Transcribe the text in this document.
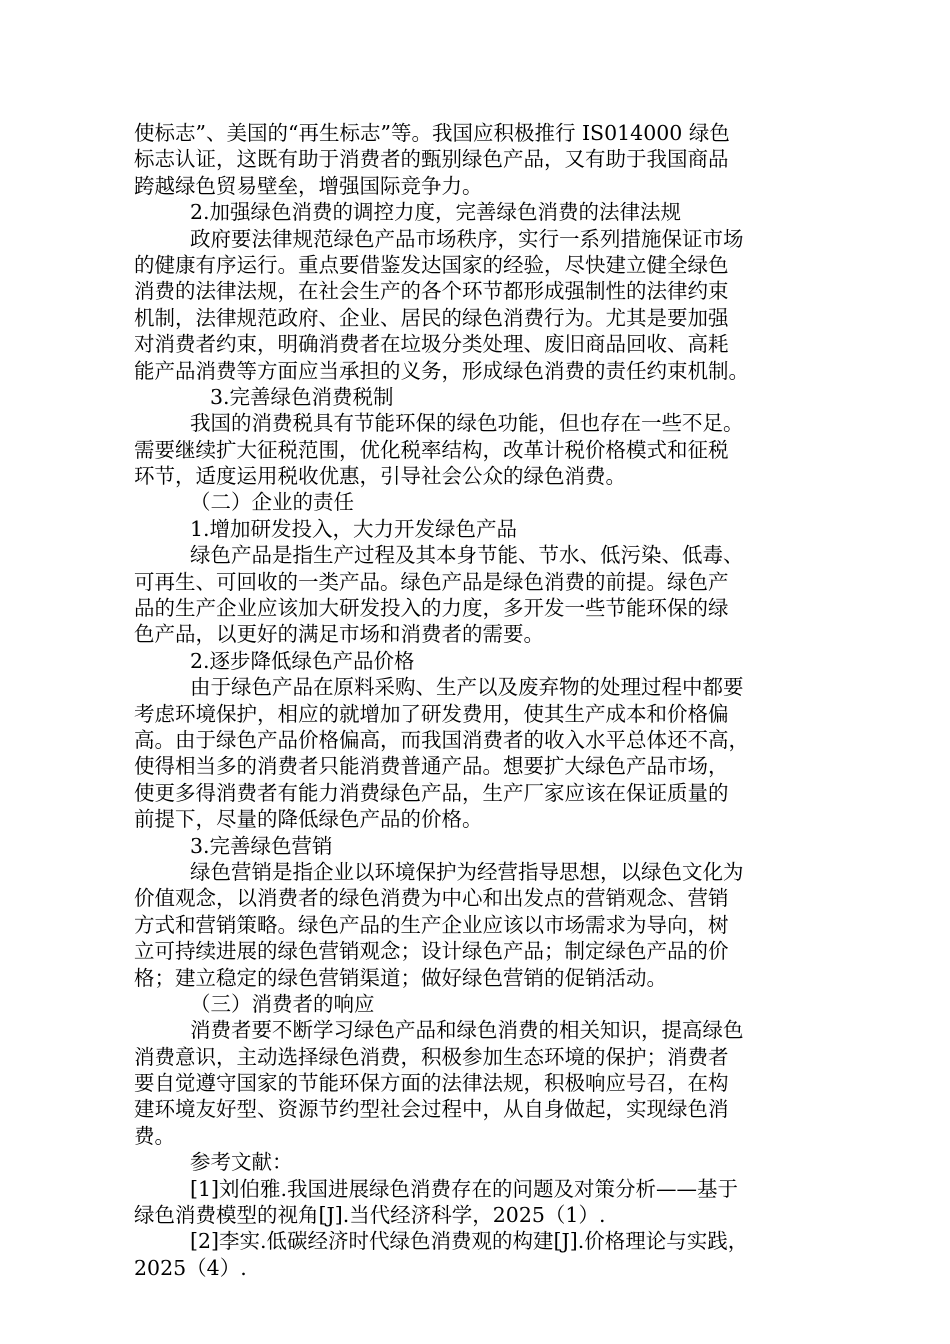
使标志”、美国的“再生标志”等。我国应积极推行 IS014000 绿色
标志认证，这既有助于消费者的甄别绿色产品，又有助于我国商品
跨越绿色贸易壁垒，增强国际竞争力。
2.加强绿色消费的调控力度，完善绿色消费的法律法规
政府要法律规范绿色产品市场秩序，实行一系列措施保证市场
的健康有序运行。重点要借鉴发达国家的经验，尽快建立健全绿色
消费的法律法规，在社会生产的各个环节都形成强制性的法律约束
机制，法律规范政府、企业、居民的绿色消费行为。尤其是要加强
对消费者约束，明确消费者在垃圾分类处理、废旧商品回收、高耗
能产品消费等方面应当承担的义务，形成绿色消费的责任约束机制。
3.完善绿色消费税制
我国的消费税具有节能环保的绿色功能，但也存在一些不足。
需要继续扩大征税范围，优化税率结构，改革计税价格模式和征税
环节，适度运用税收优惠，引导社会公众的绿色消费。
（二）企业的责任
1.增加研发投入，大力开发绿色产品
绿色产品是指生产过程及其本身节能、节水、低污染、低毒、
可再生、可回收的一类产品。绿色产品是绿色消费的前提。绿色产
品的生产企业应该加大研发投入的力度，多开发一些节能环保的绿
色产品，以更好的满足市场和消费者的需要。
2.逐步降低绿色产品价格
由于绿色产品在原料采购、生产以及废弃物的处理过程中都要
考虑环境保护，相应的就增加了研发费用，使其生产成本和价格偏
高。由于绿色产品价格偏高，而我国消费者的收入水平总体还不高，
使得相当多的消费者只能消费普通产品。想要扩大绿色产品市场，
使更多得消费者有能力消费绿色产品，生产厂家应该在保证质量的
前提下，尽量的降低绿色产品的价格。
3.完善绿色营销
绿色营销是指企业以环境保护为经营指导思想，以绿色文化为
价值观念，以消费者的绿色消费为中心和出发点的营销观念、营销
方式和营销策略。绿色产品的生产企业应该以市场需求为导向，树
立可持续进展的绿色营销观念；设计绿色产品；制定绿色产品的价
格；建立稳定的绿色营销渠道；做好绿色营销的促销活动。
（三）消费者的响应
消费者要不断学习绿色产品和绿色消费的相关知识，提高绿色
消费意识，主动选择绿色消费，积极参加生态环境的保护；消费者
要自觉遵守国家的节能环保方面的法律法规，积极响应号召，在构
建环境友好型、资源节约型社会过程中，从自身做起，实现绿色消
费。
参考文献：
[1]刘伯雅.我国进展绿色消费存在的问题及对策分析——基于
绿色消费模型的视角[J].当代经济科学，2025（1）.
[2]李实.低碳经济时代绿色消费观的构建[J].价格理论与实践，
2025（4）.
